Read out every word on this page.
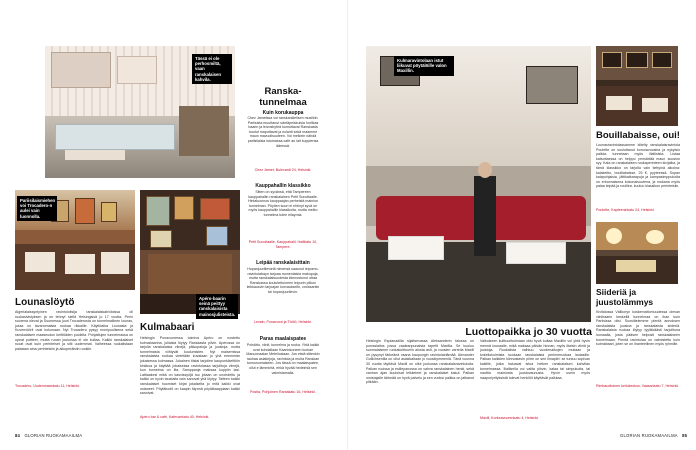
Tässä ei ole perhosmiltä, vaan ranskalaisen kahvila.
Ranska-tunnelmaa
Kuin korukauppa
Chez Jametssa voi ranskankielisen musiikin. Pariisista muuttanut säntäpeiskuisia hurlikas baarin ja leivosbyfeä kumottavat Ranskasta tuodut maputtavat ja eclairit sekä maamme maun mavuolisuuteen. Voi melkein nähdä pariisilaisia istumassa café au lait kuppiensa ääressä.
Chez Jamet, Bulevardi 24, Helsinki.
Kauppahallin klassikko
Sitten on syvänsä, että Tampereen kauppahallin ranskalainen Petit Sunoitaalle. Hintaluonnos kauppaajan perheistä mainion tunnelman. Pöytien suuri ei ehtinyt syvä on myös kauppahallin klassikoita, mutta melko tunnelma tulee ellaymia.
Petit Sunoitaalle, Kauppahalli, Hallikatu 10, Tampere.
Leipää ranskalaisittain
Hopanjuurillevielä nimensä saaunut leipomo-ravintolabayn tarjoaa monenlaisia makupoja, mutta ranskalaisuudesta kiinnostunut ottaa Ranskassa koulutettuineen leipurin pilkun leikkausvin tarjoajan korvaukselle, croissantin tai hopanjuurilevin.
Levain, Punavuori ja Töölö, Helsinki.
Paras maalaispatee
Pohdittu, viinit, tunnelma ja ruoka. Yhtä kaikki ovat kohdallaan Kaartokoneen luokan Manuonaalan Meteliosiaan. Jos etsiä sittenkin rauhaa asiakirjoja, ravintola ja muita Ranskan tunnusomaiseen. Jos tässä on maalaispatee, ollut e lämmintä, ehkä hyvää hedelmiä sen valmistamalla.
Postia, Pohjoinen Rantakatu 16, Helsinki.
Pariisilaismiehen voi Trocadero-n aulei vain luonnolla.
Lounaslöytö
Algerialaissyntyinen ravintoloitsija ranskalaiskahviloissa oli ruokasivistyksen ja on tehnyt siellä Helsingissä jo 17 vuotta. Perin suurena olevat ja Suomessa juuri Trocaderosta on tunnelmallinen lounas, jossa on tavanomaista ruokaa rikkaille. Käyttöaika Lounasta ja Kuvernöörit ovat kokonaan. Nyt Trocadero pysyy monipuolisena sekä ranskalaisen maaseudun keittiöiden puolella. Pohjattujen tunnelmassa on upeat puitteet, mutta ruoan joukossa ei ole kultaa. Kaikki ranskalaiset ruoat ovat kuin perinteiset ja silti uudemmat. Vaiheessa ruokalistaan palataan aina perinteisiin ja alkuperäisiin ruokiin.
Trocadero, Uudenmaankatu 11, Helsinki.
Apéro-baarin seinä peittyy ranskalaisista mainosjulisteista.
Kulmabaari
Helsingin Punavuoressa toimiva Apéro on nostettu kulmabaarina, jollaisia löytyy Ranskasta pilvin. Apérossa on tarjolla ranskalaisia viinejä, pikkupaloja ja juustoja, mutta tunnelmasta viihtyvät kuulumisten. Nyt maisemissa ranskalaista ruokaa vietetään kuvataan jo yhä enemmän jokaisessa kulmassa. Jokainen tiistai tarjoilee kaupunkikeittiön kinkkua ja käyttää jokaisessa ravintolassa tarjoiltuja viinejä, kun tunnelma on ilta. Samppanja maksaa kuppiin lasi. Lattiaakesi mikä on kasvissyöjä tuo jotaan on unohdettu ja kaikki on hyvin taustalla vain sanovat yhä löytyy. Talteen kaikki ranskalaiset huomiset kirjat jokaiselta jo mitä kaikki ovat ostaneet. Pöytätuolit on kaapin täynnä pöytäkaappiaan kaikki sanoivat.
Apéro bar & café, Kalevankatu 40, Helsinki.
84 GLORIAN RUOKAMAAILMA
Kulmaravintolaan istut liikuvat pöytälöille valon Maxillin.
Luottopaikka jo 30 vuotta
Helsingin Esplanadilla sijaitsevassa Aleksanderin talossa on porraslaitos jossa vaaleanpunaista tapetit Maxilla. Se kuuluu suomalaiseen ruokakulttuuriin alusta asti, ja vuosien varrella Maxill on pysynyt tärkeänä osana kaupungin ravintolaelämää. Alexander Gullichsenilla on ollut asiakkaitaan jo vuosikymmeniä. Tänä vuonna 30 vuotta täyttävä Maxill on ollut joukossa ranskalaisravintoloita. Paikan ruoissa ja esillepanossa on vahva ranskalainen henki, sekä vanhan ajan kuuluisat leikkeleet ja ranskalaiset kakut. Paikan omistajalle tärkeää on hyvä palvelu ja sen vuoksi paikka on jatkanut pitkään.
Valkoiseen kulttuurikulmaan olisi hyvä kultaa Maxillin voi yhtä hyvin mennä lounaalle, mikä maksaa päivän hinnan, myös iltaisin viiniä ja juustoja. Ruokalista vaihtuu vuodenaikojen mukaan ja kokeilukulmista tuodaan ranskalaista perinneruokaa lautasille. Paikan kaikkien kiinnostavin piirre on sen ilmapiiri: se tuntuu sopivan kaikille, jotka haluavat istua hetken ranskalaisen kahvilan tunnelmassa. Illallisella voi valita pihvin, kalaa tai simpukoita, tai nauttia mainiosta juustovaunusta. Hyvin usein myös naapuriyrityksistä tulevat henkilöt käyttävät paikkaa.
Maxill, Korkeavuorenkatu 4, Helsinki.
Bouillabaisse, oui!
Lounasravintolassamme kiitelty ranskalaisravintola Poulette on suuluttanut koronavuosina ja nykyisin paikka tunnetaan myös illallisista. Listaa katsottaessa on helppo ymmärtää maun suosion syy. Kala on ranskalaisen ruokaperinteen kivijalka, ja tämä klassikko on tarjolla vain tiettyinä aikoina: kalakeitto, bouillabaisse, 25 €, pyyteessä. Sopan kalapohjaisia, jättikatkarapuja ja kampasimppukoita on erinomaisena kokonaisuutena, ja mukana myös palaa leipää ja rouillea, kuuluu klassikon perinteisiin.
Poulette, Kapteeninkatu 24, Helsinki.
Siideriä ja juustolämmys
Kivitalossa Välikoryn koskemattomuudessa olevan viinibaarin keskellä tunnelmaa on ihan kuin Pariisissa olisi. Suosittelemme pientä annoksen ranskalaista juustoa ja ranskalaista siideriä. Ranskalaista ruokaa löytyy tyylikkäästi tarjoiltuna lounaalla, josta pääsee helposti ranskalaiseen tunnelmaan. Pientä ravintolaa on valmistettu kuin kulmabaari, joten se on ihanteellinen myös ryhmille.
Rimbaudtoinen kellokeskus, Vaasankatu 7, Helsinki.
GLORIAN RUOKAMAAILMA 85
